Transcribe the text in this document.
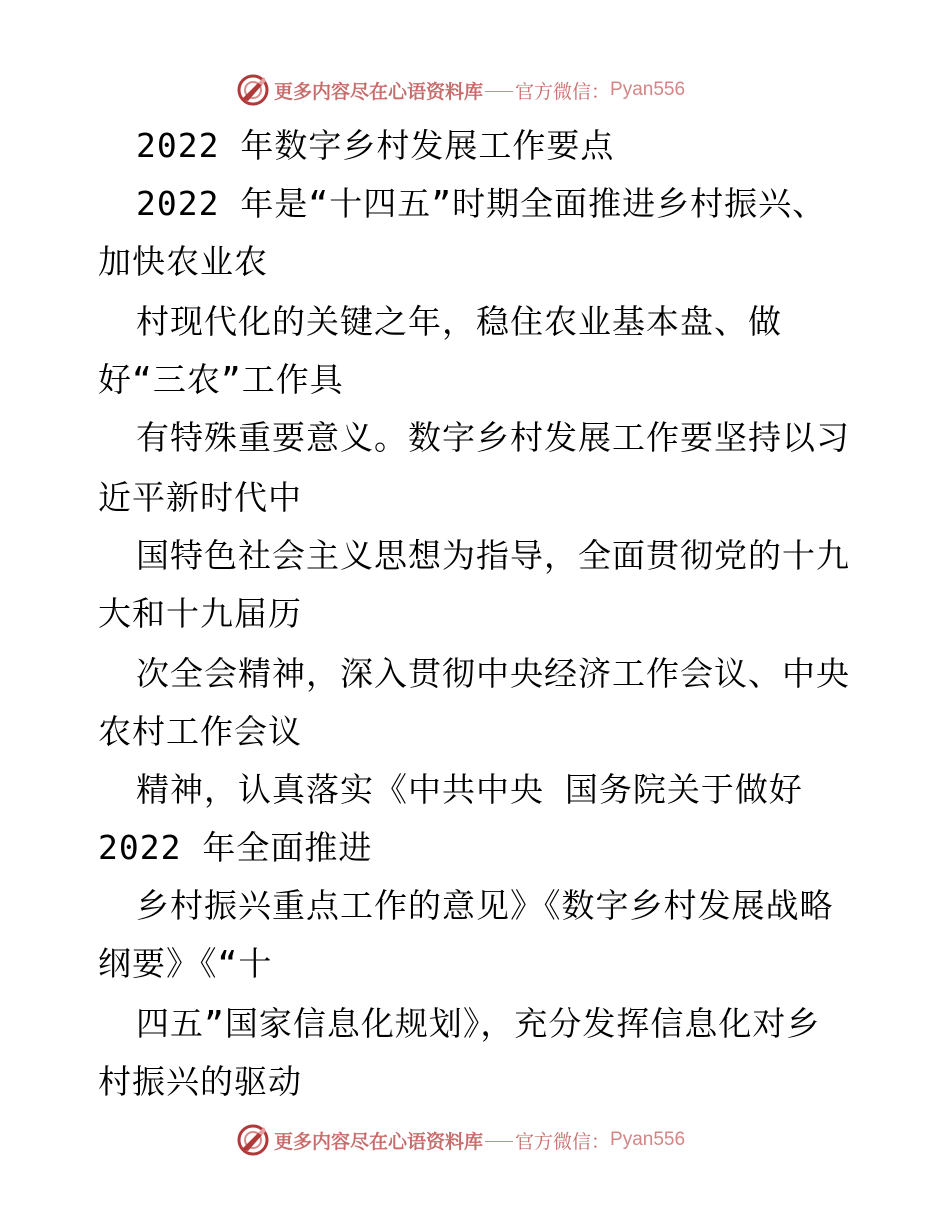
更多内容尽在心语资料库 官方微信： Pyan556
2022 年数字乡村发展工作要点
2022 年是“十四五”时期全面推进乡村振兴、
加快农业农
村现代化的关键之年，稳住农业基本盘、做
好“三农”工作具
有特殊重要意义。数字乡村发展工作要坚持以习
近平新时代中
国特色社会主义思想为指导，全面贯彻党的十九
大和十九届历
次全会精神，深入贯彻中央经济工作会议、中央
农村工作会议
精神，认真落实《中共中央 国务院关于做好
2022 年全面推进
乡村振兴重点工作的意见》《数字乡村发展战略
纲要》《“十
四五”国家信息化规划》，充分发挥信息化对乡
村振兴的驱动
更多内容尽在心语资料库 官方微信： Pyan556
